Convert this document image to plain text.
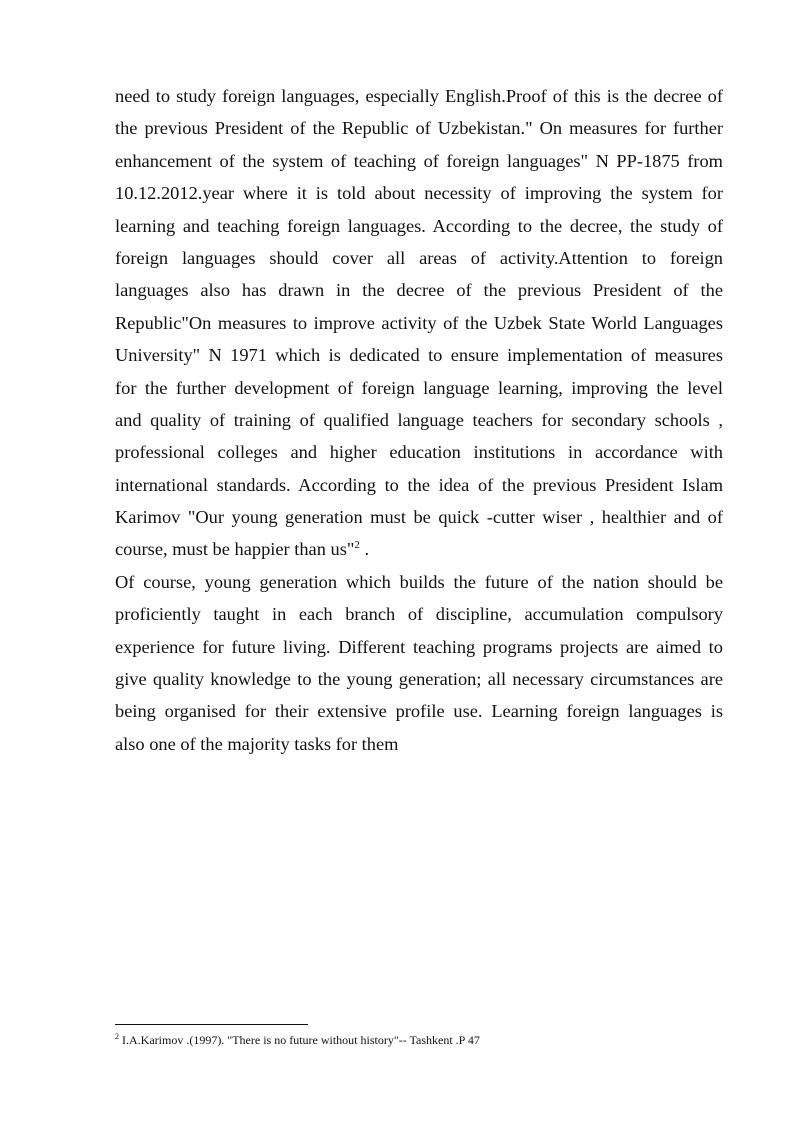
need to study foreign languages, especially English.Proof of this is the decree of
the previous President of the Republic of Uzbekistan." On measures for further
enhancement of the system of teaching of foreign languages" N PP-1875 from
10.12.2012.year where it is told about necessity of improving the system for
learning and teaching foreign languages. According to the decree, the study of
foreign languages should cover all areas of activity.Attention to foreign
languages also has drawn in the decree of the previous President of the
Republic"On measures to improve activity of the Uzbek State World Languages
University" N 1971 which is dedicated to ensure implementation of measures
for the further development of foreign language learning, improving the level
and quality of training of qualified language teachers for secondary schools ,
professional colleges and higher education institutions in accordance with
international standards. According to the idea of the previous President Islam
Karimov "Our young generation must be quick -cutter wiser , healthier and of
course, must be happier than us"$^2$ .
Of course, young generation which builds the future of the nation should be
proficiently taught in each branch of discipline, accumulation compulsory
experience for future living. Different teaching programs projects are aimed to
give quality knowledge to the young generation; all necessary circumstances are
being organised for their extensive profile use. Learning foreign languages is
also one of the majority tasks for them
$^2$ I.A.Karimov .(1997). "There is no future without history"-- Tashkent .P 47
